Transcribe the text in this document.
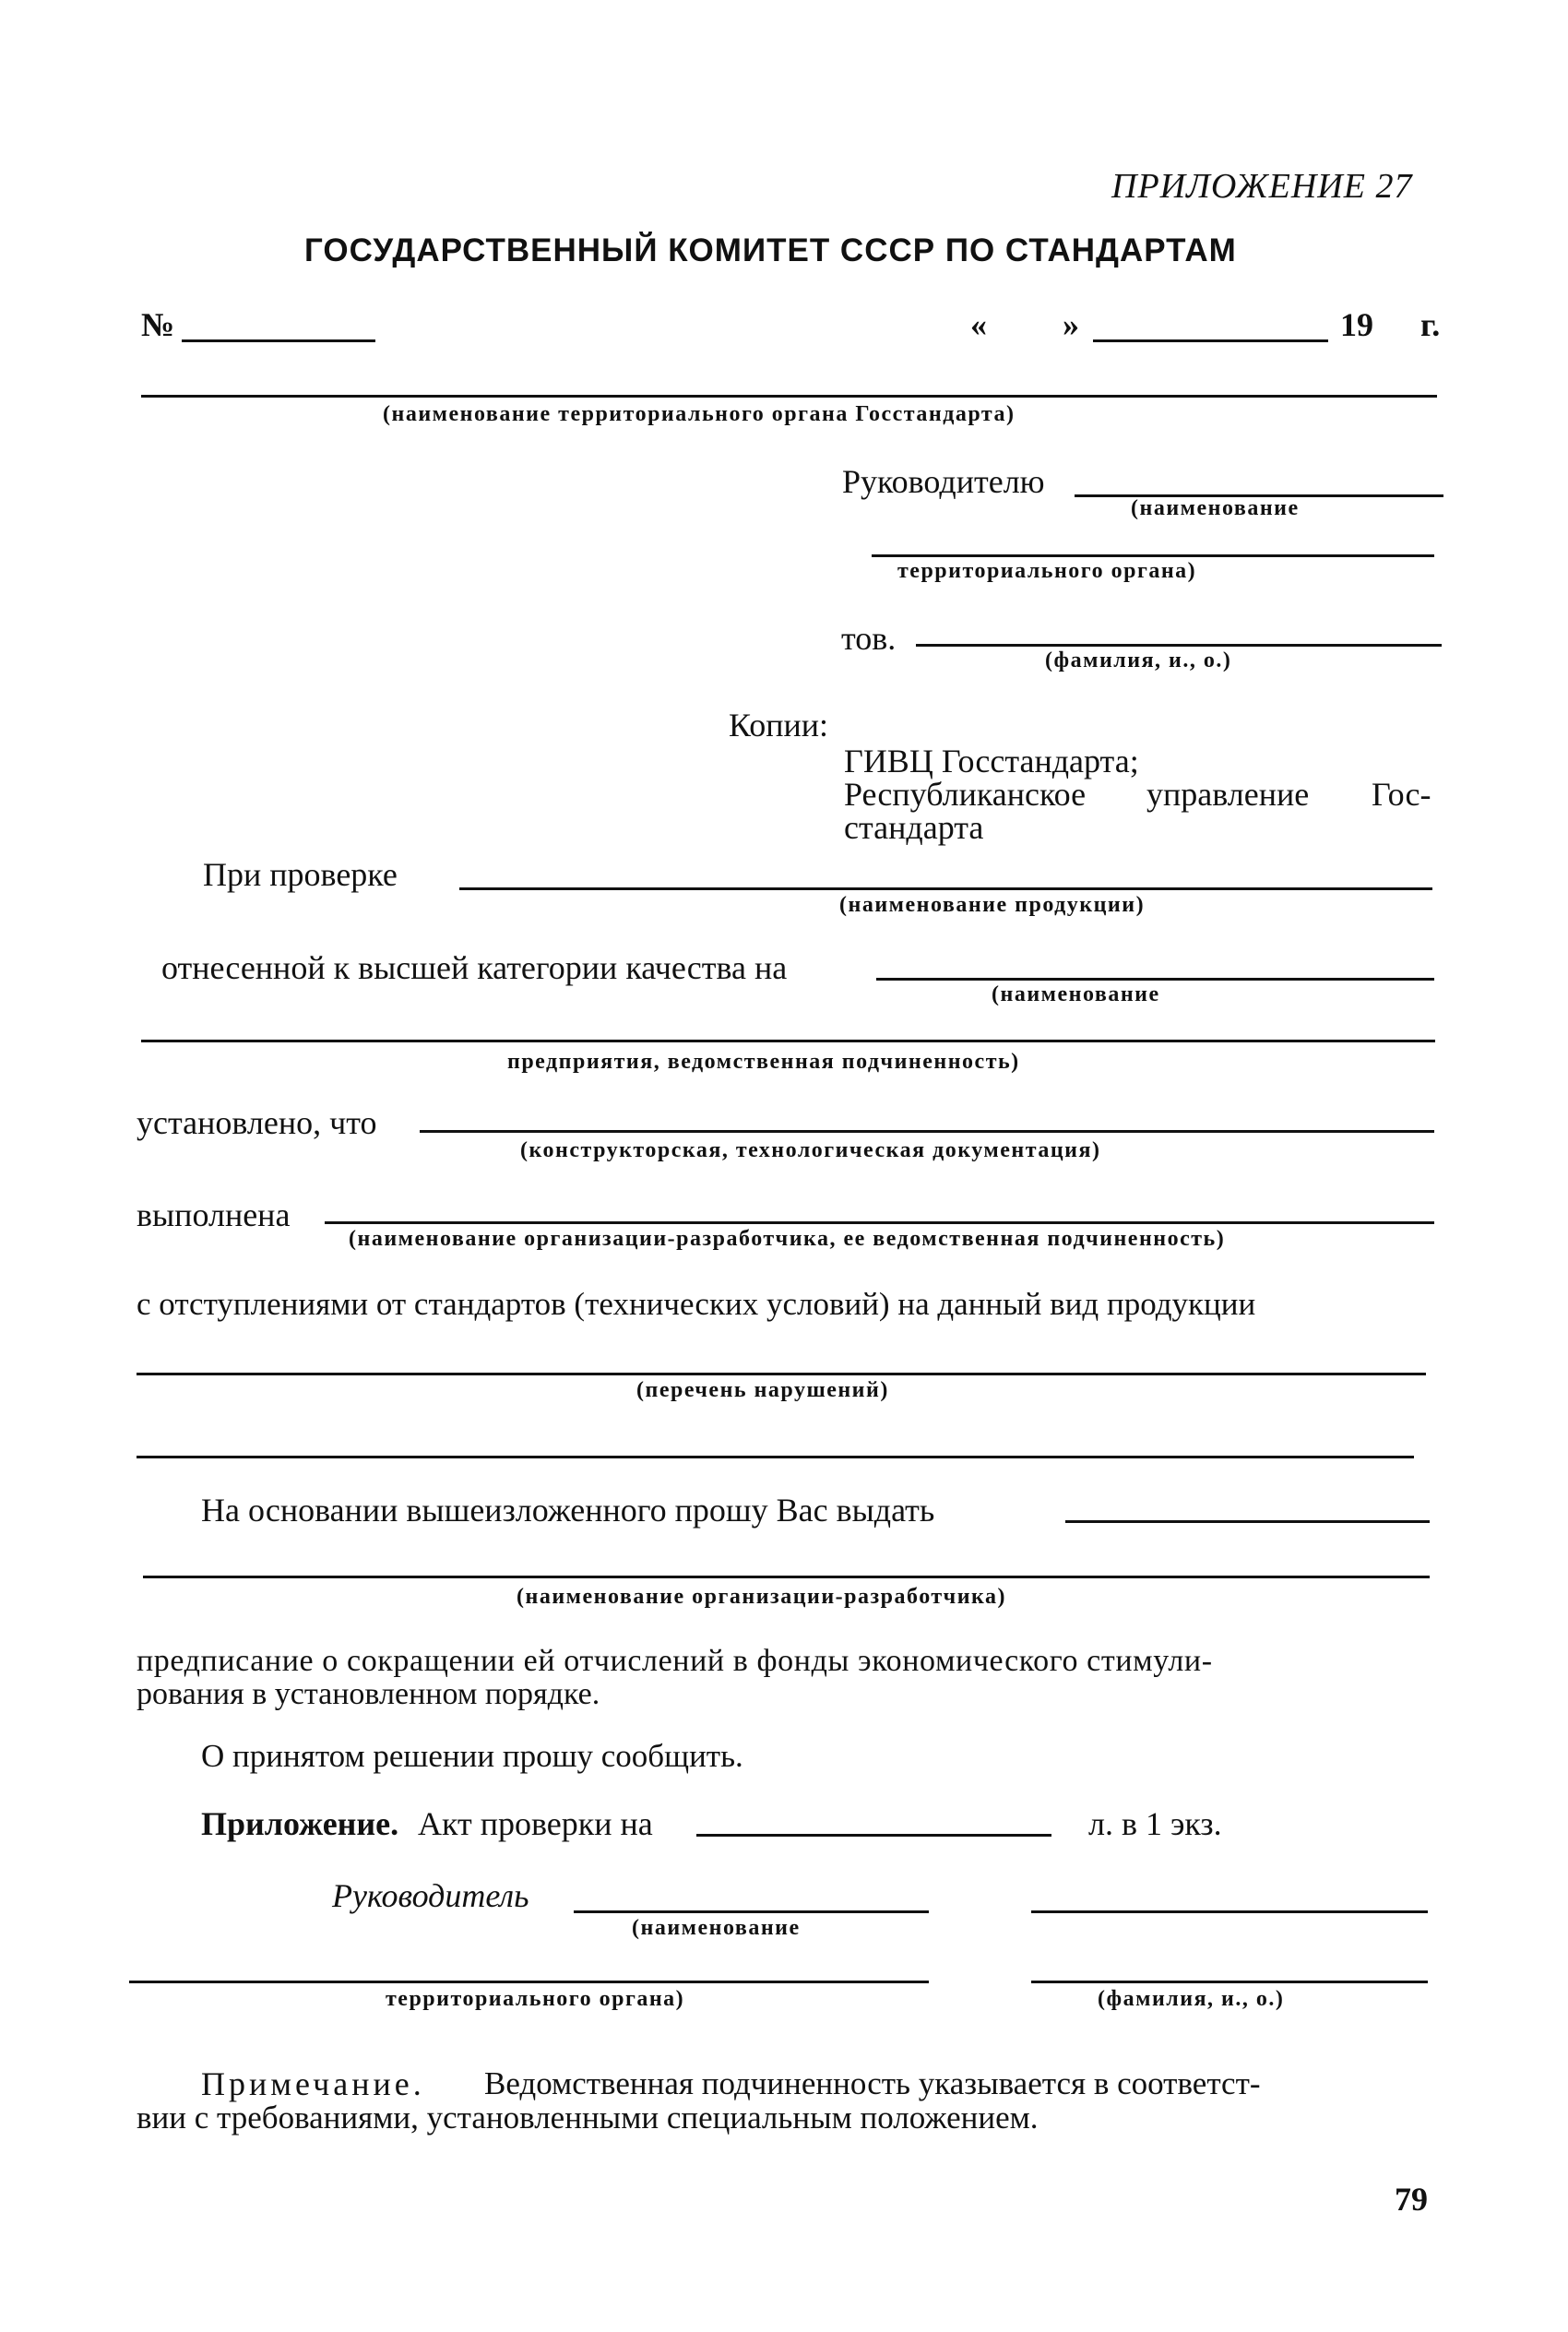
ПРИЛОЖЕНИЕ 27
ГОСУДАРСТВЕННЫЙ КОМИТЕТ СССР ПО СТАНДАРТАМ
№	« »	19 г.
(наименование территориального органа Госстандарта)
Руководителю
(наименование
территориального органа)
тов.
(фамилия, и., о.)
Копии:
ГИВЦ Госстандарта;
Республиканское управление Гос-
стандарта
При проверке
(наименование продукции)
отнесенной к высшей категории качества на
(наименование
предприятия, ведомственная подчиненность)
установлено, что
(конструкторская, технологическая документация)
выполнена
(наименование организации-разработчика, ее ведомственная подчиненность)
с отступлениями от стандартов (технических условий) на данный вид продукции
(перечень нарушений)
На основании вышеизложенного прошу Вас выдать
(наименование организации-разработчика)
предписание о сокращении ей отчислений в фонды экономического стимули-
рования в установленном порядке.
О принятом решении прошу сообщить.
Приложение. Акт проверки на	л. в 1 экз.
Руководитель
(наименование
территориального органа)	(фамилия, и., о.)
Примечание. Ведомственная подчиненность указывается в соответст-
вии с требованиями, установленными специальным положением.
79
